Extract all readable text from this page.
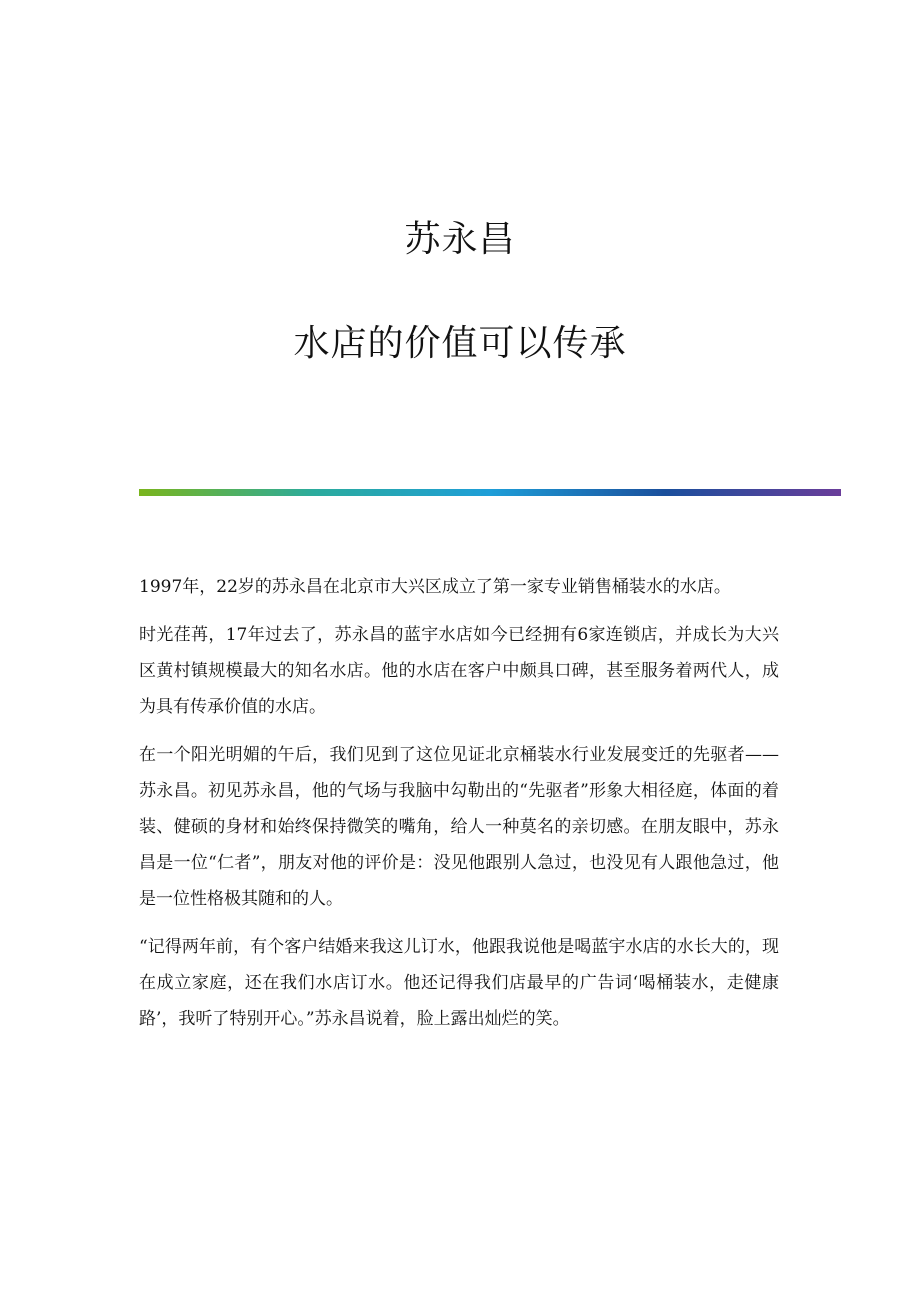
苏永昌
水店的价值可以传承

1997年，22岁的苏永昌在北京市大兴区成立了第一家专业销售桶装水的水店。

时光荏苒，17年过去了，苏永昌的蓝宇水店如今已经拥有6家连锁店，并成长为大兴区黄村镇规模最大的知名水店。他的水店在客户中颇具口碑，甚至服务着两代人，成为具有传承价值的水店。

在一个阳光明媚的午后，我们见到了这位见证北京桶装水行业发展变迁的先驱者——苏永昌。初见苏永昌，他的气场与我脑中勾勒出的“先驱者”形象大相径庭，体面的着装、健硕的身材和始终保持微笑的嘴角，给人一种莫名的亲切感。在朋友眼中，苏永昌是一位“仁者”，朋友对他的评价是：没见他跟别人急过，也没见有人跟他急过，他是一位性格极其随和的人。

“记得两年前，有个客户结婚来我这儿订水，他跟我说他是喝蓝宇水店的水长大的，现在成立家庭，还在我们水店订水。他还记得我们店最早的广告词‘喝桶装水，走健康路’，我听了特别开心。”苏永昌说着，脸上露出灿烂的笑。
